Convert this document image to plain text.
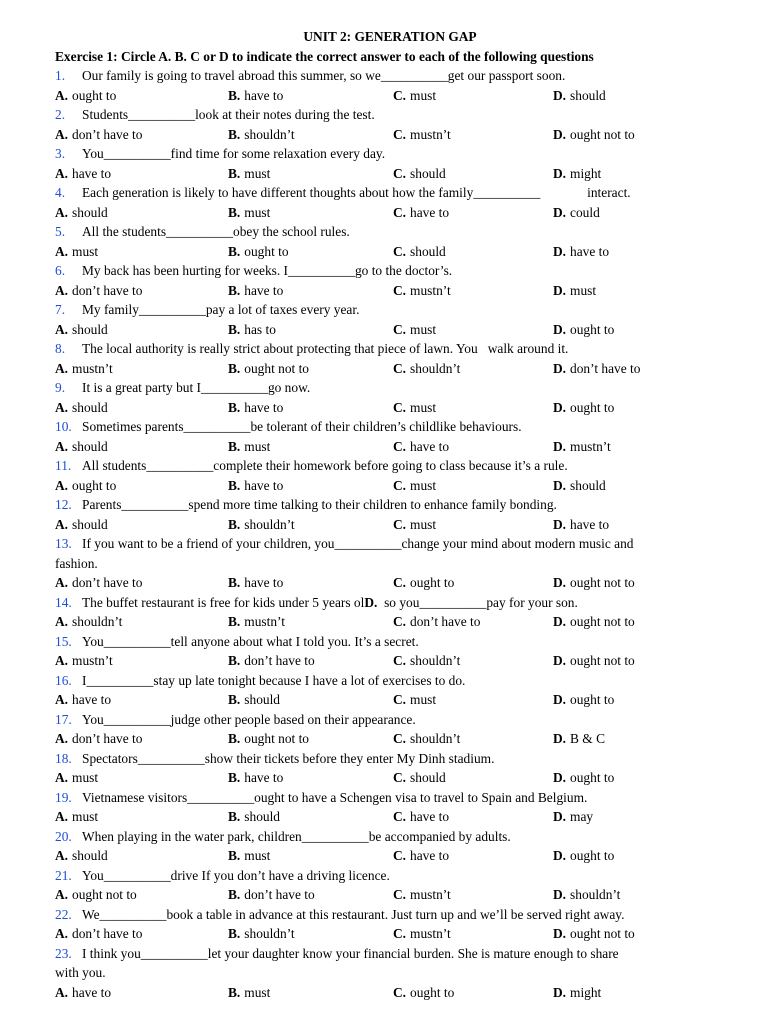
UNIT 2: GENERATION GAP
Exercise 1: Circle A. B. C or D to indicate the correct answer to each of the following questions
1. Our family is going to travel abroad this summer, so we__________get our passport soon.
A. ought to	B. have to	C. must	D. should
2. Students__________look at their notes during the test.
A. don’t have to	B. shouldn’t	C. mustn’t	D. ought not to
3. You__________find time for some relaxation every day.
A. have to	B. must	C. should	D. might
4. Each generation is likely to have different thoughts about how the family__________              interact.
A. should	B. must	C. have to	D. could
5. All the students__________obey the school rules.
A. must	B. ought to	C. should	D. have to
6. My back has been hurting for weeks. I__________go to the doctor’s.
A. don’t have to	B. have to	C. mustn’t	D. must
7. My family__________pay a lot of taxes every year.
A. should	B. has to	C. must	D. ought to
8. The local authority is really strict about protecting that piece of lawn. You   walk around it.
A. mustn’t	B. ought not to	C. shouldn’t	D. don’t have to
9. It is a great party but I__________go now.
A. should	B. have to	C. must	D. ought to
10. Sometimes parents__________be tolerant of their children’s childlike behaviours.
A. should	B. must	C. have to	D. mustn’t
11. All students__________complete their homework before going to class because it’s a rule.
A. ought to	B. have to	C. must	D. should
12. Parents__________spend more time talking to their children to enhance family bonding.
A. should	B. shouldn’t	C. must	D. have to
13. If you want to be a friend of your children, you__________change your mind about modern music and
fashion.
A. don’t have to	B. have to	C. ought to	D. ought not to
14. The buffet restaurant is free for kids under 5 years olD.  so you__________pay for your son.
A. shouldn’t	B. mustn’t	C. don’t have to	D. ought not to
15. You__________tell anyone about what I told you. It’s a secret.
A. mustn’t	B. don’t have to	C. shouldn’t	D. ought not to
16. I__________stay up late tonight because I have a lot of exercises to do.
A. have to	B. should	C. must	D. ought to
17. You__________judge other people based on their appearance.
A. don’t have to	B. ought not to	C. shouldn’t	D. B & C
18. Spectators__________show their tickets before they enter My Dinh stadium.
A. must	B. have to	C. should	D. ought to
19. Vietnamese visitors__________ought to have a Schengen visa to travel to Spain and Belgium.
A. must	B. should	C. have to	D. may
20. When playing in the water park, children__________be accompanied by adults.
A. should	B. must	C. have to	D. ought to
21. You__________drive If you don’t have a driving licence.
A. ought not to	B. don’t have to	C. mustn’t	D. shouldn’t
22. We__________book a table in advance at this restaurant. Just turn up and we’ll be served right away.
A. don’t have to	B. shouldn’t	C. mustn’t	D. ought not to
23. I think you__________let your daughter know your financial burden. She is mature enough to share
with you.
A. have to	B. must	C. ought to	D. might
